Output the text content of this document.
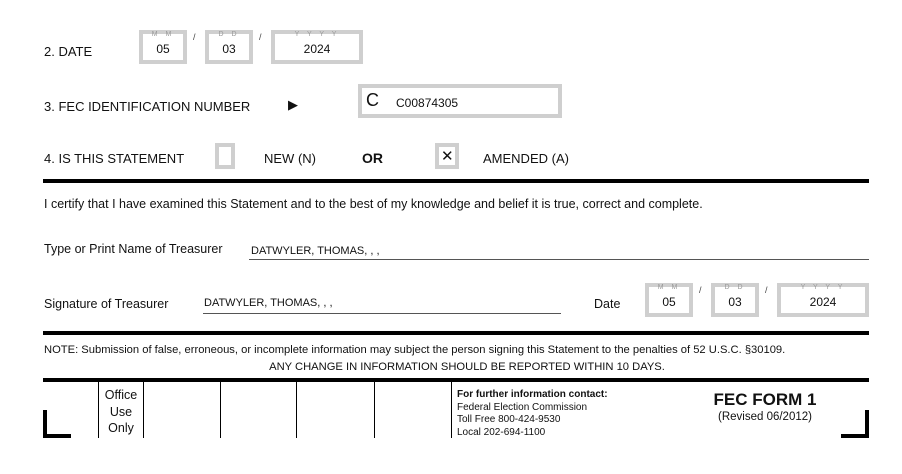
2. DATE
M M
05
/	D D
03
/	Y Y Y Y
2024
3. FEC IDENTIFICATION NUMBER	▶	C C00874305
4. IS THIS STATEMENT	NEW (N)	OR	✕ AMENDED (A)
I certify that I have examined this Statement and to the best of my knowledge and belief it is true, correct and complete.
Type or Print Name of Treasurer	DATWYLER, THOMAS, , ,
Signature of Treasurer	DATWYLER, THOMAS, , ,	Date
M M
05
/	D D
03
/	Y Y Y Y
2024
NOTE: Submission of false, erroneous, or incomplete information may subject the person signing this Statement to the penalties of 52 U.S.C. §30109.
ANY CHANGE IN INFORMATION SHOULD BE REPORTED WITHIN 10 DAYS.
Office
Use
Only
For further information contact:
Federal Election Commission
Toll Free 800-424-9530
Local 202-694-1100
FEC FORM 1
(Revised 06/2012)
